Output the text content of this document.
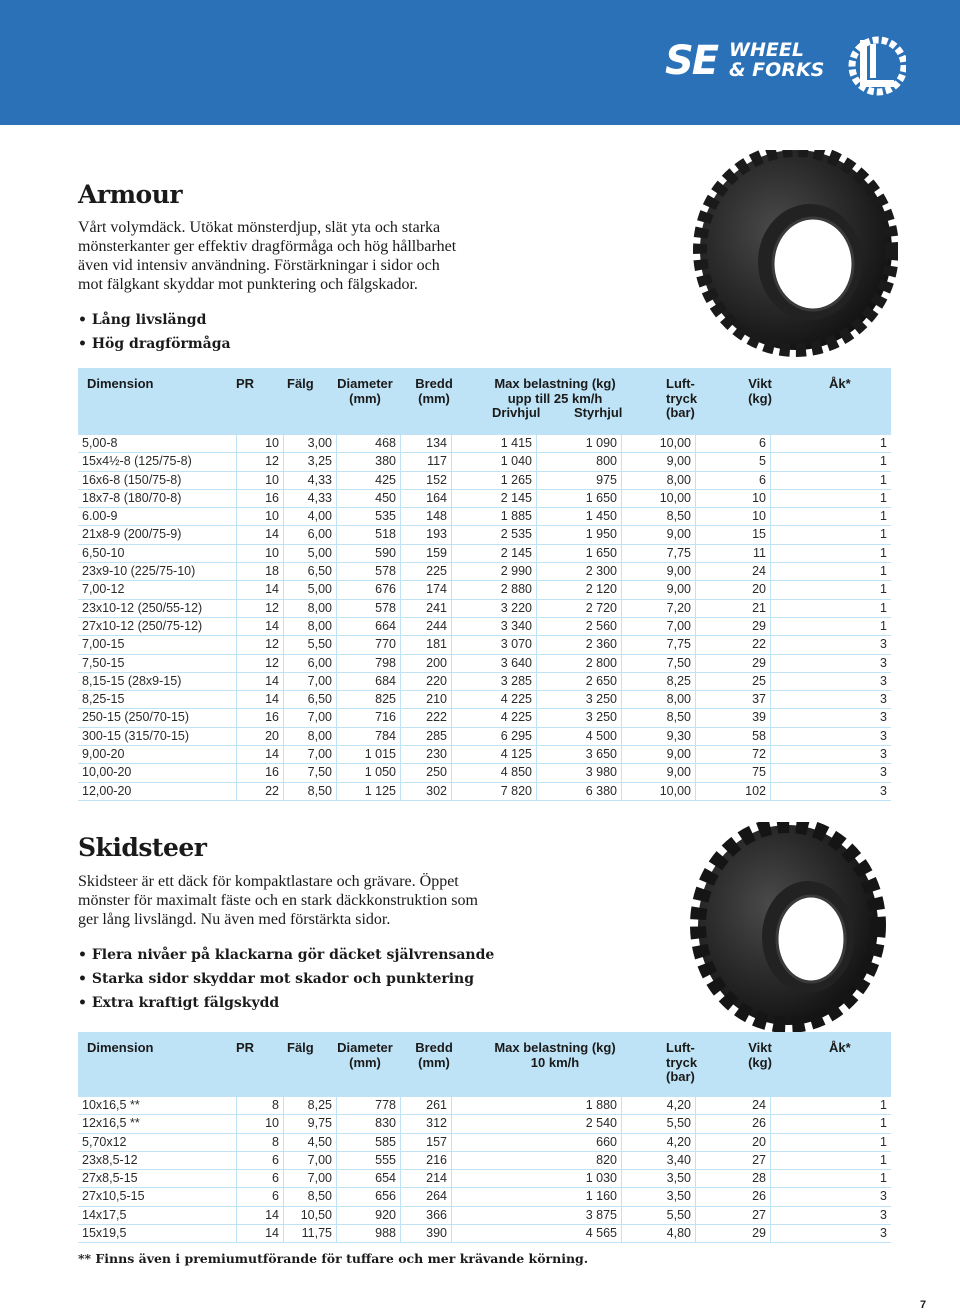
SE WHEEL
& FORKS
Armour
Vårt volymdäck. Utökat mönsterdjup, slät yta och starka
mönsterkanter ger effektiv dragförmåga och hög hållbarhet
även vid intensiv användning. Förstärkningar i sidor och
mot fälgkant skyddar mot punktering och fälgskador.
• Lång livslängd
• Hög dragförmåga
Dimension	PR	Fälg	Diameter
(mm)
Bredd
(mm)
Max belastning (kg)
upp till 25 km/h
Drivhjul	Styrhjul
Luft-
tryck
(bar)
Vikt
(kg)
Åk*
5,00-8	10	3,00	468	134	1 415	1 090	10,00	6	1
15x4½-8 (125/75-8)	12	3,25	380	117	1 040	800	9,00	5	1
16x6-8 (150/75-8)	10	4,33	425	152	1 265	975	8,00	6	1
18x7-8 (180/70-8)	16	4,33	450	164	2 145	1 650	10,00	10	1
6.00-9	10	4,00	535	148	1 885	1 450	8,50	10	1
21x8-9 (200/75-9)	14	6,00	518	193	2 535	1 950	9,00	15	1
6,50-10	10	5,00	590	159	2 145	1 650	7,75	11	1
23x9-10 (225/75-10)	18	6,50	578	225	2 990	2 300	9,00	24	1
7,00-12	14	5,00	676	174	2 880	2 120	9,00	20	1
23x10-12 (250/55-12)	12	8,00	578	241	3 220	2 720	7,20	21	1
27x10-12 (250/75-12)	14	8,00	664	244	3 340	2 560	7,00	29	1
7,00-15	12	5,50	770	181	3 070	2 360	7,75	22	3
7,50-15	12	6,00	798	200	3 640	2 800	7,50	29	3
8,15-15 (28x9-15)	14	7,00	684	220	3 285	2 650	8,25	25	3
8,25-15	14	6,50	825	210	4 225	3 250	8,00	37	3
250-15 (250/70-15)	16	7,00	716	222	4 225	3 250	8,50	39	3
300-15 (315/70-15)	20	8,00	784	285	6 295	4 500	9,30	58	3
9,00-20	14	7,00	1 015	230	4 125	3 650	9,00	72	3
10,00-20	16	7,50	1 050	250	4 850	3 980	9,00	75	3
12,00-20	22	8,50	1 125	302	7 820	6 380	10,00	102	3
Skidsteer
Skidsteer är ett däck för kompaktlastare och grävare. Öppet
mönster för maximalt fäste och en stark däckkonstruktion som
ger lång livslängd. Nu även med förstärkta sidor.
• Flera nivåer på klackarna gör däcket självrensande
• Starka sidor skyddar mot skador och punktering
• Extra kraftigt fälgskydd
Dimension	PR	Fälg	Diameter
(mm)
Bredd
(mm)
Max belastning (kg)
10 km/h
Luft-
tryck
(bar)
Vikt
(kg)
Åk*
10x16,5 **	8	8,25	778	261	1 880	4,20	24	1
12x16,5 **	10	9,75	830	312	2 540	5,50	26	1
5,70x12	8	4,50	585	157	660	4,20	20	1
23x8,5-12	6	7,00	555	216	820	3,40	27	1
27x8,5-15	6	7,00	654	214	1 030	3,50	28	1
27x10,5-15	6	8,50	656	264	1 160	3,50	26	3
14x17,5	14	10,50	920	366	3 875	5,50	27	3
15x19,5	14	11,75	988	390	4 565	4,80	29	3
** Finns även i premiumutförande för tuffare och mer krävande körning.
7
